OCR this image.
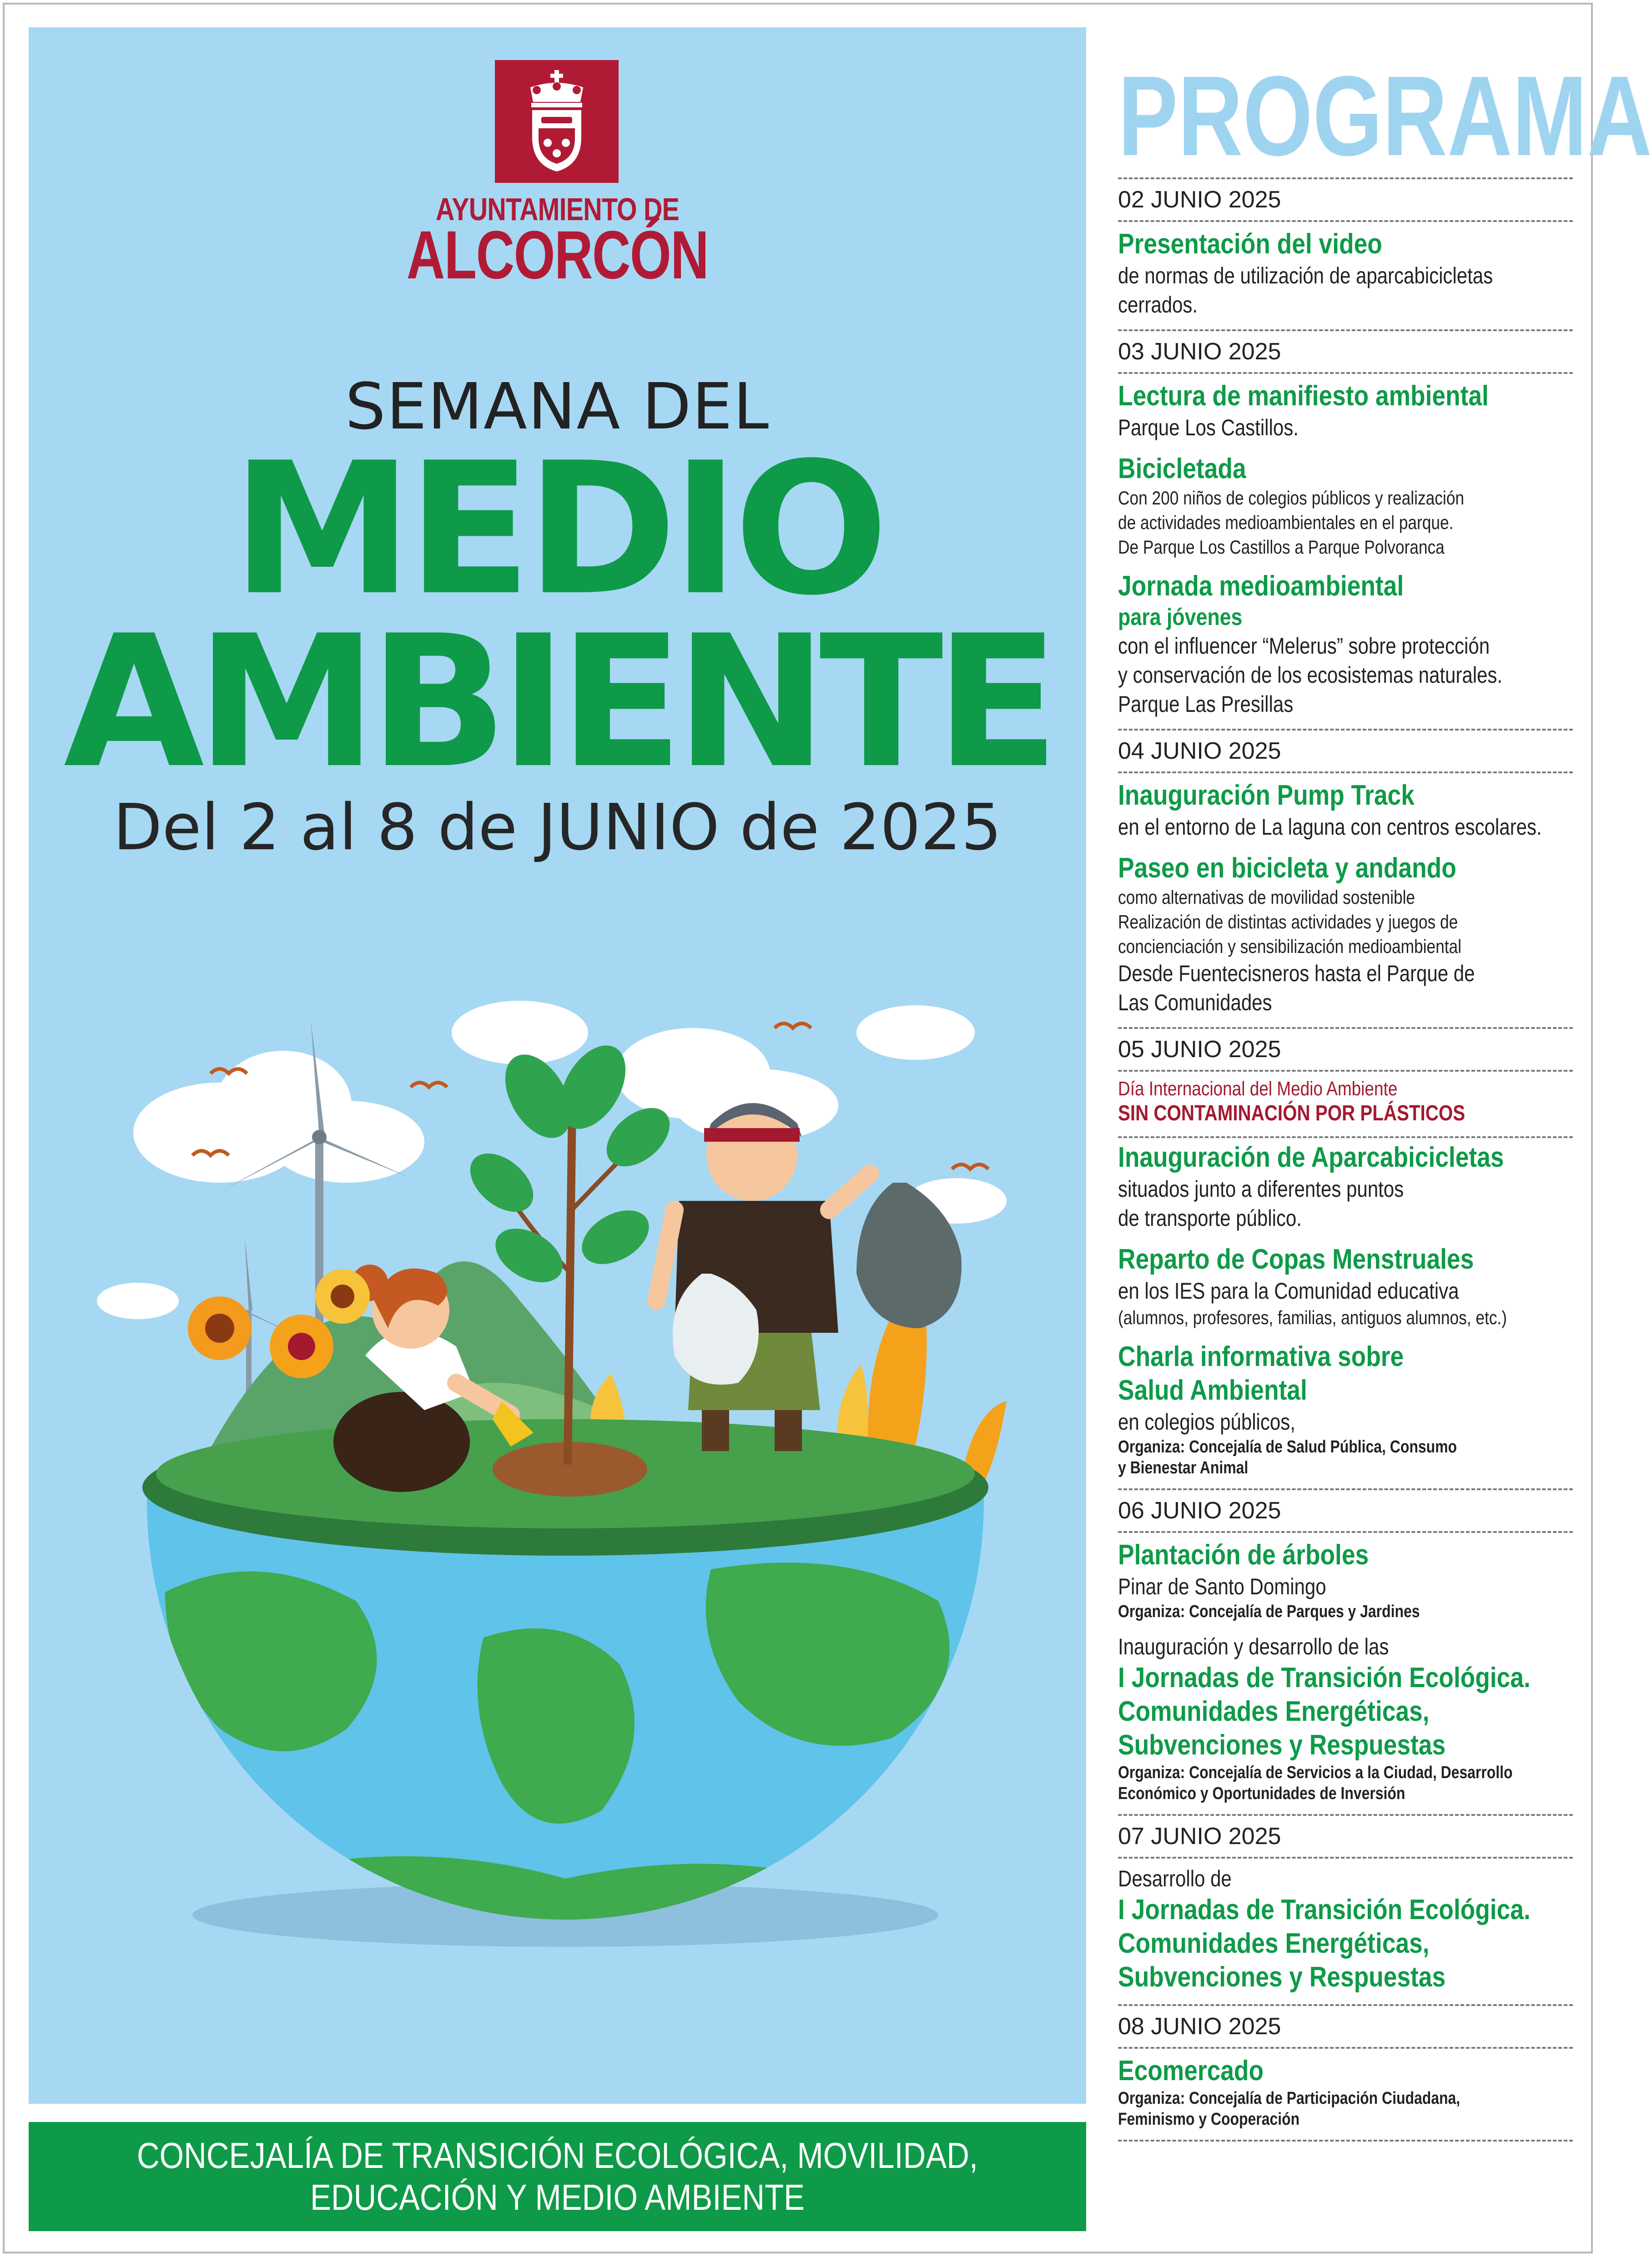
AYUNTAMIENTO DE
ALCORCÓN
SEMANA DEL
MEDIO
AMBIENTE
Del 2 al 8 de JUNIO de 2025
CONCEJALÍA DE TRANSICIÓN ECOLÓGICA, MOVILIDAD,
EDUCACIÓN Y MEDIO AMBIENTE
PROGRAMA
02 JUNIO 2025
Presentación del video
de normas de utilización de aparcabicicletas
cerrados.
03 JUNIO 2025
Lectura de manifiesto ambiental
Parque Los Castillos.
Bicicletada
Con 200 niños de colegios públicos y realización
de actividades medioambientales en el parque.
De Parque Los Castillos a Parque Polvoranca
Jornada medioambiental
para jóvenes
con el influencer “Melerus” sobre protección
y conservación de los ecosistemas naturales.
Parque Las Presillas
04 JUNIO 2025
Inauguración Pump Track
en el entorno de La laguna con centros escolares.
Paseo en bicicleta y andando
como alternativas de movilidad sostenible
Realización de distintas actividades y juegos de
concienciación y sensibilización medioambiental
Desde Fuentecisneros hasta el Parque de
Las Comunidades
05 JUNIO 2025
Día Internacional del Medio Ambiente
SIN CONTAMINACIÓN POR PLÁSTICOS
Inauguración de Aparcabicicletas
situados junto a diferentes puntos
de transporte público.
Reparto de Copas Menstruales
en los IES para la Comunidad educativa
(alumnos, profesores, familias, antiguos alumnos, etc.)
Charla informativa sobre
Salud Ambiental
en colegios públicos,
Organiza: Concejalía de Salud Pública, Consumo
y Bienestar Animal
06 JUNIO 2025
Plantación de árboles
Pinar de Santo Domingo
Organiza: Concejalía de Parques y Jardines
Inauguración y desarrollo de las
I Jornadas de Transición Ecológica.
Comunidades Energéticas,
Subvenciones y Respuestas
Organiza: Concejalía de Servicios a la Ciudad, Desarrollo
Económico y Oportunidades de Inversión
07 JUNIO 2025
Desarrollo de
I Jornadas de Transición Ecológica.
Comunidades Energéticas,
Subvenciones y Respuestas
08 JUNIO 2025
Ecomercado
Organiza: Concejalía de Participación Ciudadana,
Feminismo y Cooperación
